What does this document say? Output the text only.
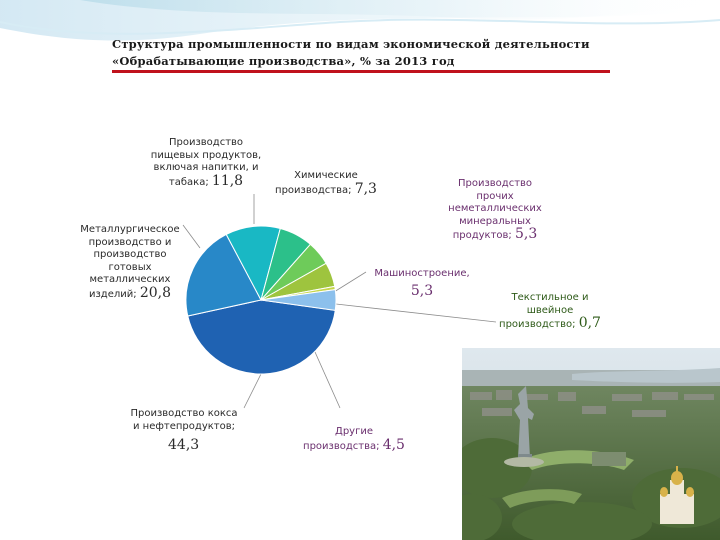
Структура промышленности по видам экономической деятельности
«Обрабатывающие производства», % за 2013 год
Производство
пищевых продуктов,
включая напитки, и
табака; 11,8	Химические
производства; 7,3	Производство
прочих
неметаллических
минеральных
продуктов; 5,3
Металлургическое
производство и
производство
готовых
металлических
изделий; 20,8
Машиностроение,
5,3	Текстильное и
швейное
производство; 0,7
Производство кокса
и нефтепродуктов;
44,3
Другие
производства; 4,5
